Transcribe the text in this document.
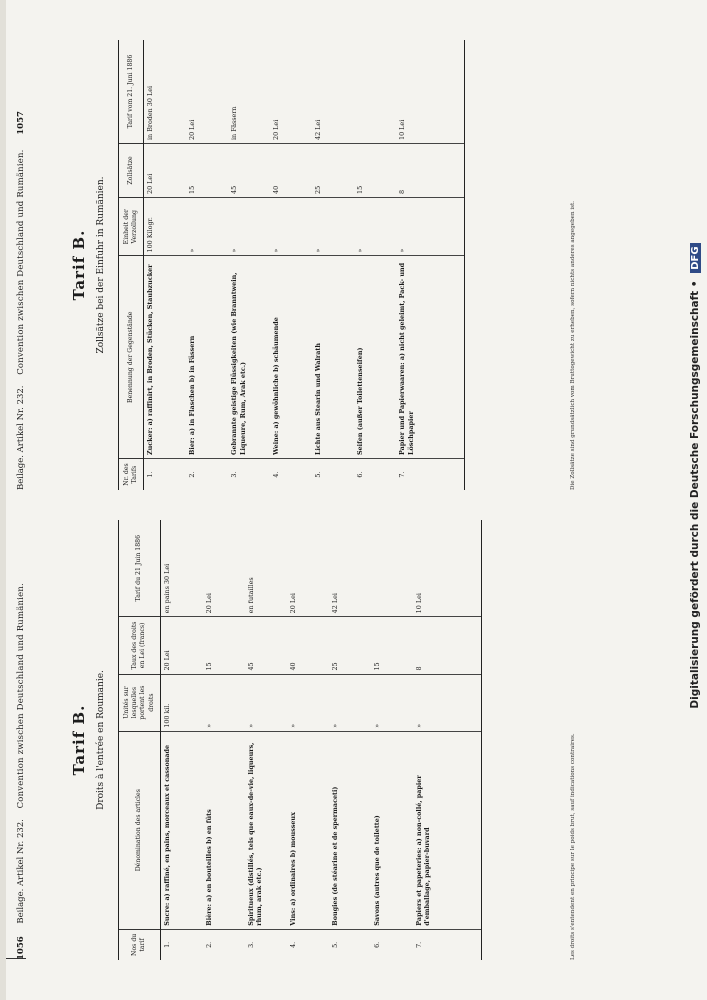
1056 Beilage. Artikel Nr. 232. Convention zwischen Deutschland und Rumänien.	Tarif B. Droits à l'entrée en Roumanie.
Nos du tarif	Dénomination des articles	Unités sur lesquelles portent les droits	Taux des droits en Lei (francs)	Tarif du 21 Juin 1886
1.	Sucre: a) raffiné, en pains, morceaux et cassonade	100 kil.	20 Lei	en pains 30 Lei
2.	Bière: a) en bouteilles b) en fûts	»	15	20 Lei
3.	Spiritueux (distillés, tels que eaux-de-vie, liqueurs, rhum, arak etc.)	»	45	en futailles
4.	Vins: a) ordinaires b) mousseux	»	40	20 Lei
5.	Bougies (de stéarine et de spermaceti)	»	25	42 Lei
6.	Savons (autres que de toilette)	»	15	
7.	Papiers et papeteries: a) non-collé, papier d'emballage, papier-buvard	»	8	10 Lei
Les droits s'entendent en principe sur le poids brut, sauf indications contraires.
Beilage. Artikel Nr. 232. Convention zwischen Deutschland und Rumänien. 1057
Tarif B. Zollsätze bei der Einfuhr in Rumänien.
Nr. des Tarifs	Benennung der Gegenstände	Einheit der Verzollung	Zollsätze	Tarif vom 21. Juni 1886
1.	Zucker: a) raffinirt, in Broden, Stücken, Staubzucker	100 Kilogr.	20 Lei	in Broden 30 Lei
2.	Bier: a) in Flaschen b) in Fässern	»	15	20 Lei
3.	Gebrannte geistige Flüssigkeiten (wie Branntwein, Liqueure, Rum, Arak etc.)	»	45	in Fässern
4.	Weine: a) gewöhnliche b) schäumende	»	40	20 Lei
5.	Lichte aus Stearin und Walrath	»	25	42 Lei
6.	Seifen (außer Toilettenseifen)	»	15	
7.	Papier und Papierwaaren: a) nicht geleimt, Pack- und Löschpapier	»	8	10 Lei
Die Zollsätze sind grundsätzlich vom Bruttogewicht zu erheben, sofern nichts anderes angegeben ist.	Digitalisierung gefördert durch die Deutsche Forschungsgemeinschaft • DFG
